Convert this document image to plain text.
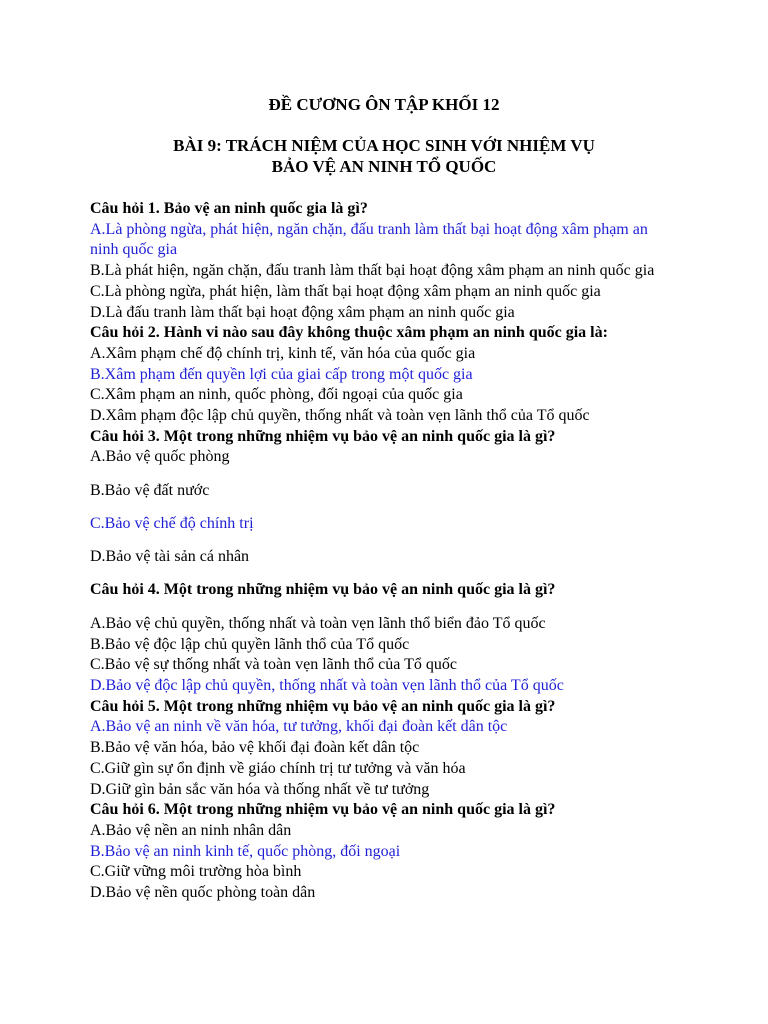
ĐỀ CƯƠNG ÔN TẬP KHỐI 12

BÀI 9: TRÁCH NIỆM CỦA HỌC SINH VỚI NHIỆM VỤ

BẢO VỆ AN NINH TỔ QUỐC

Câu hỏi 1. Bảo vệ an ninh quốc gia là gì?

A.Là phòng ngừa, phát hiện, ngăn chặn, đấu tranh làm thất bại hoạt động xâm phạm an ninh quốc gia

B.Là phát hiện, ngăn chặn, đấu tranh làm thất bại hoạt động xâm phạm an ninh quốc gia

C.Là phòng ngừa, phát hiện, làm thất bại hoạt động xâm phạm an ninh quốc gia

D.Là đấu tranh làm thất bại hoạt động xâm phạm an ninh quốc gia

Câu hỏi 2. Hành vi nào sau đây không thuộc xâm phạm an ninh quốc gia là:

A.Xâm phạm chế độ chính trị, kinh tế, văn hóa của quốc gia

B.Xâm phạm đến quyền lợi của giai cấp trong một quốc gia

C.Xâm phạm an ninh, quốc phòng, đối ngoại của quốc gia

D.Xâm phạm độc lập chủ quyền, thống nhất và toàn vẹn lãnh thổ của Tổ quốc

Câu hỏi 3. Một trong những nhiệm vụ bảo vệ an ninh quốc gia là gì?

A.Bảo vệ quốc phòng

B.Bảo vệ đất nước

C.Bảo vệ chế độ chính trị

D.Bảo vệ tài sản cá nhân

Câu hỏi 4. Một trong những nhiệm vụ bảo vệ an ninh quốc gia là gì?

A.Bảo vệ chủ quyền, thống nhất và toàn vẹn lãnh thổ biển đảo Tổ quốc

B.Bảo vệ độc lập chủ quyền lãnh thổ của Tổ quốc

C.Bảo vệ sự thống nhất và toàn vẹn lãnh thổ của Tổ quốc

D.Bảo vệ độc lập chủ quyền, thống nhất và toàn vẹn lãnh thổ của Tổ quốc

Câu hỏi 5. Một trong những nhiệm vụ bảo vệ an ninh quốc gia là gì?

A.Bảo vệ an ninh về văn hóa, tư tưởng, khối đại đoàn kết dân tộc

B.Bảo vệ văn hóa, bảo vệ khối đại đoàn kết dân tộc

C.Giữ gìn sự ổn định về giáo chính trị tư tưởng và văn hóa

D.Giữ gìn bản sắc văn hóa và thống nhất về tư tưởng

Câu hỏi 6. Một trong những nhiệm vụ bảo vệ an ninh quốc gia là gì?

A.Bảo vệ nền an ninh nhân dân

B.Bảo vệ an ninh kinh tế, quốc phòng, đối ngoại

C.Giữ vững môi trường hòa bình

D.Bảo vệ nền quốc phòng toàn dân
